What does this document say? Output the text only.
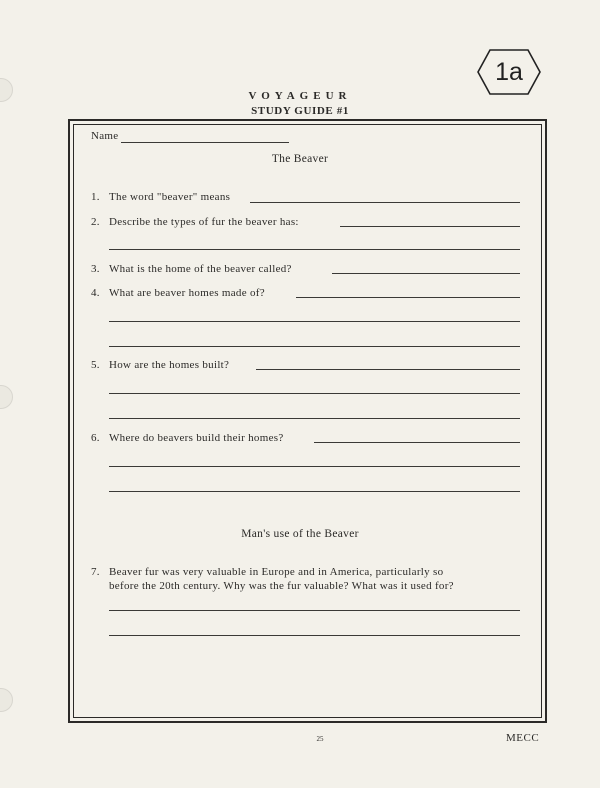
1a
VOYAGEUR
STUDY GUIDE #1
Name
The Beaver
1. The word "beaver" means
2. Describe the types of fur the beaver has:
3. What is the home of the beaver called?
4. What are beaver homes made of?
5. How are the homes built?
6. Where do beavers build their homes?
Man's use of the Beaver
7. Beaver fur was very valuable in Europe and in America, particularly so
before the 20th century. Why was the fur valuable? What was it used for?
25	MECC
